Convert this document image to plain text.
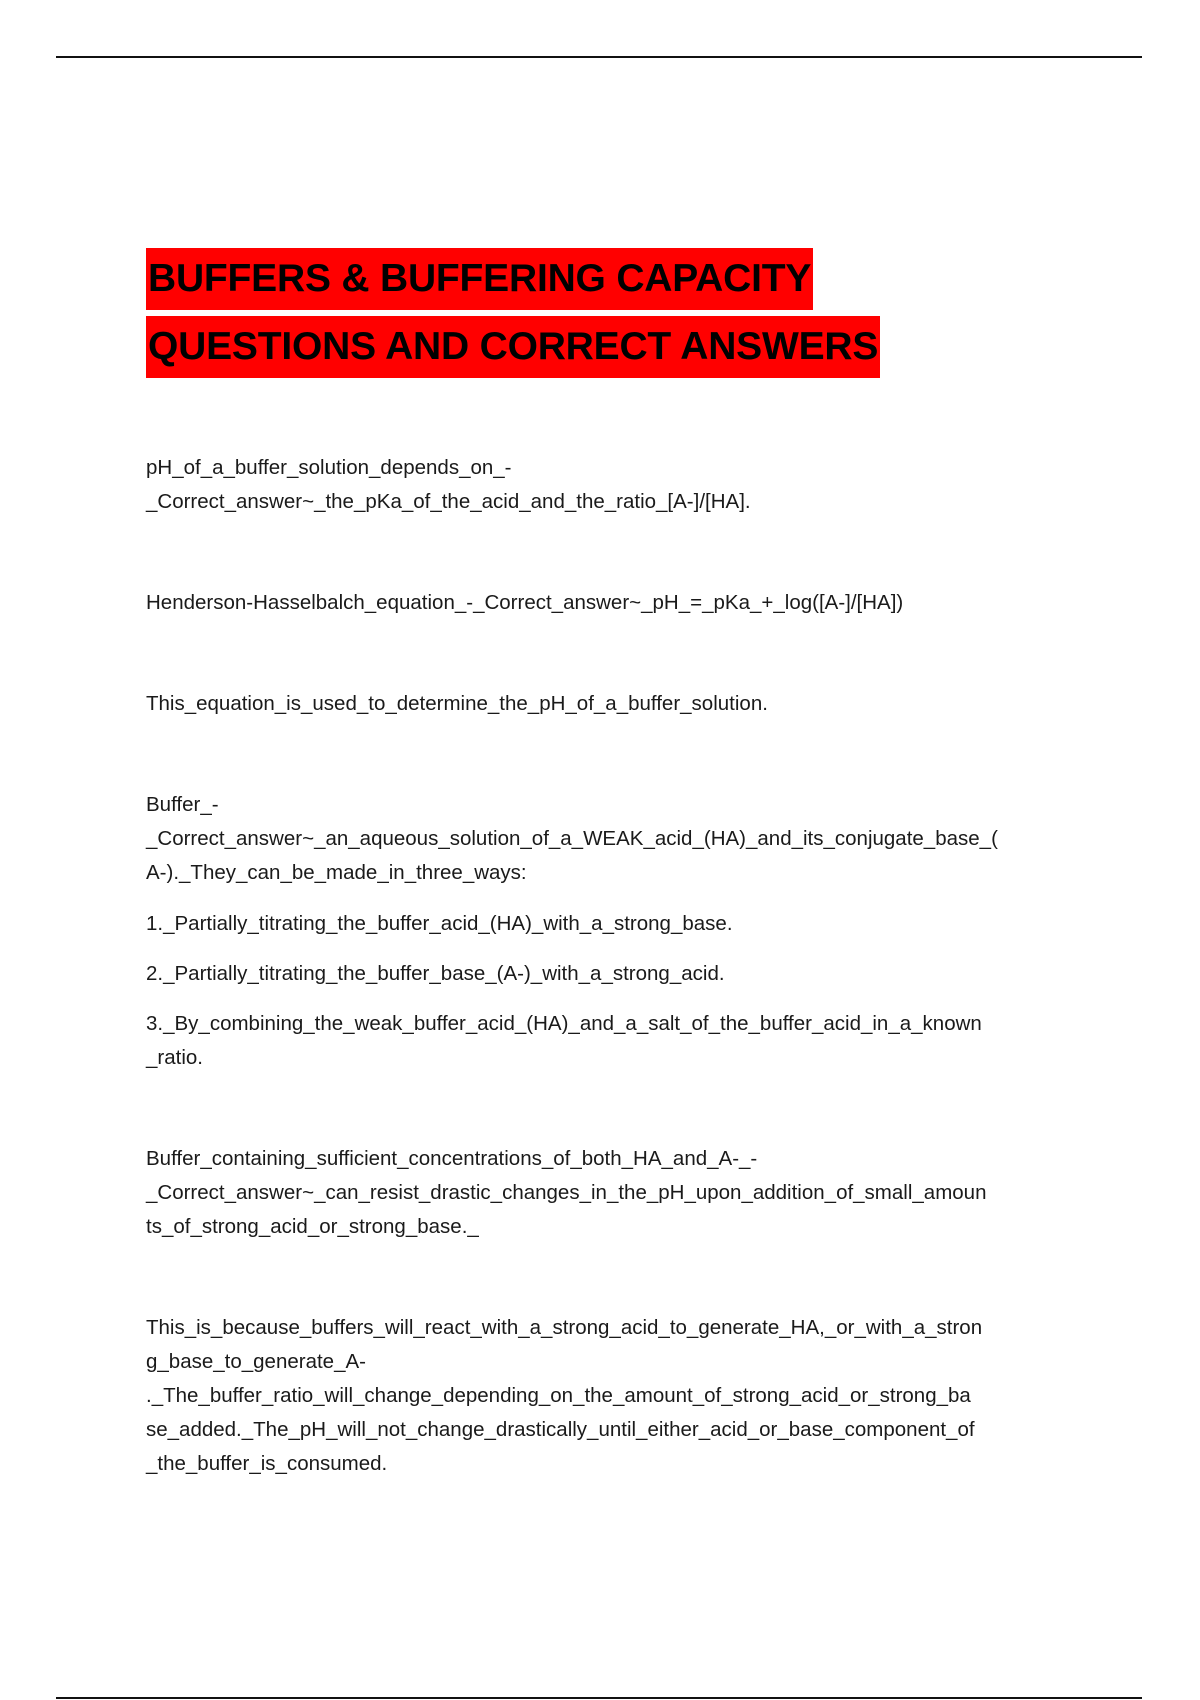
BUFFERS & BUFFERING CAPACITY
QUESTIONS AND CORRECT ANSWERS
pH_of_a_buffer_solution_depends_on_-
_Correct_answer~_the_pKa_of_the_acid_and_the_ratio_[A-]/[HA].
Henderson-Hasselbalch_equation_-_Correct_answer~_pH_=_pKa_+_log([A-]/[HA])
This_equation_is_used_to_determine_the_pH_of_a_buffer_solution.
Buffer_-
_Correct_answer~_an_aqueous_solution_of_a_WEAK_acid_(HA)_and_its_conjugate_base_(
A-)._They_can_be_made_in_three_ways:
1._Partially_titrating_the_buffer_acid_(HA)_with_a_strong_base.
2._Partially_titrating_the_buffer_base_(A-)_with_a_strong_acid.
3._By_combining_the_weak_buffer_acid_(HA)_and_a_salt_of_the_buffer_acid_in_a_known
_ratio.
Buffer_containing_sufficient_concentrations_of_both_HA_and_A-_-
_Correct_answer~_can_resist_drastic_changes_in_the_pH_upon_addition_of_small_amoun
ts_of_strong_acid_or_strong_base._
This_is_because_buffers_will_react_with_a_strong_acid_to_generate_HA,_or_with_a_stron
g_base_to_generate_A-
._The_buffer_ratio_will_change_depending_on_the_amount_of_strong_acid_or_strong_ba
se_added._The_pH_will_not_change_drastically_until_either_acid_or_base_component_of
_the_buffer_is_consumed.
